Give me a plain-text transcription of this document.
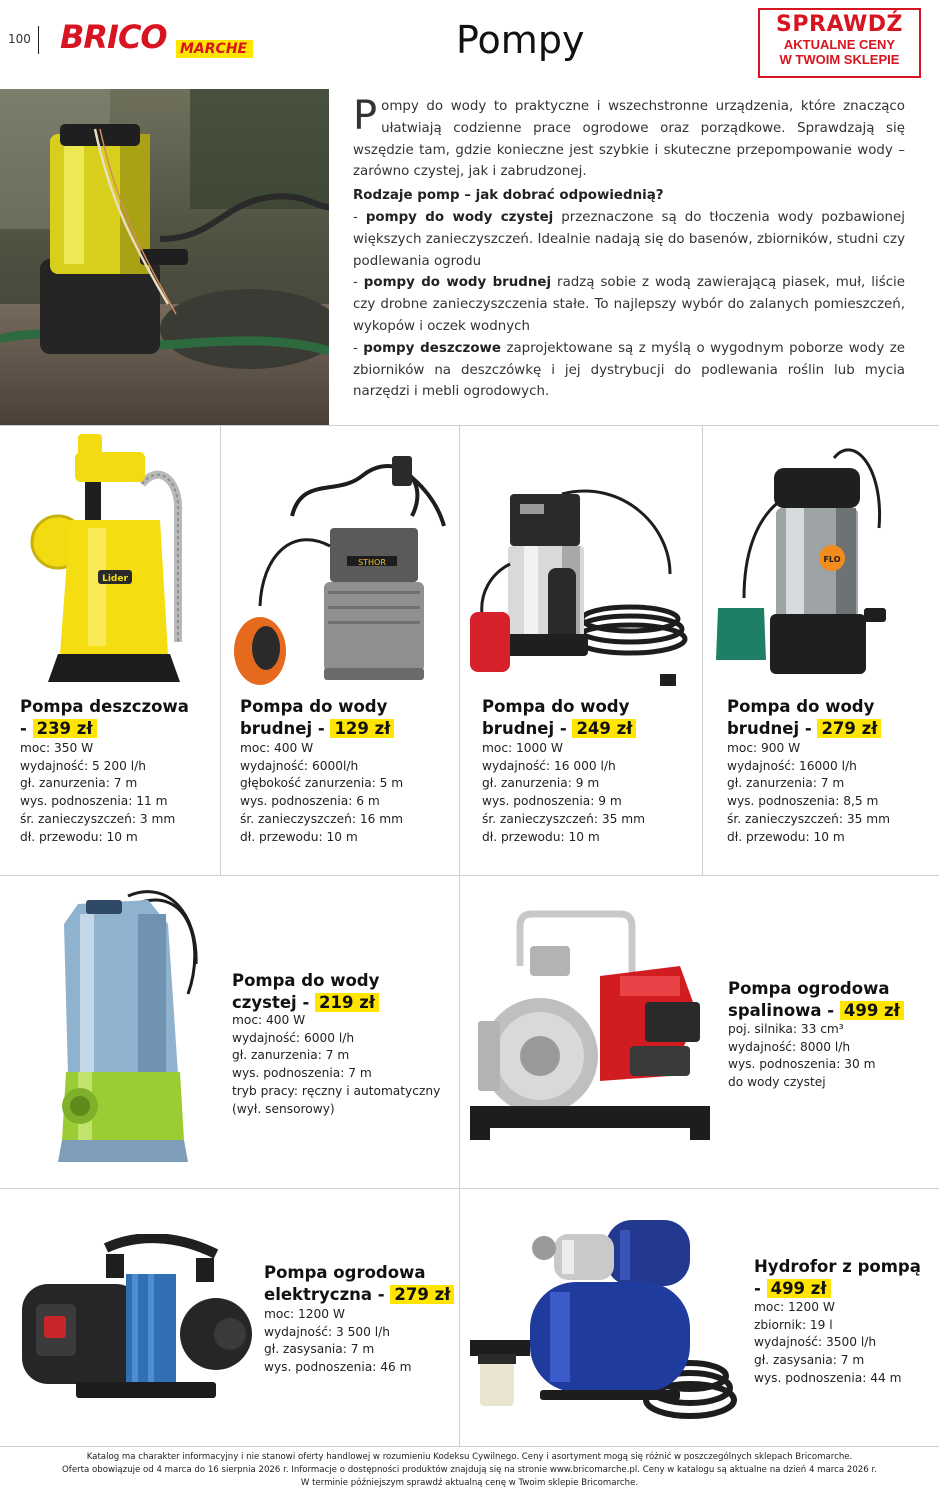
100 BRICO MARCHE	Pompy	SPRAWDŹ
AKTUALNE CENY
W TWOIM SKLEPIE

Pompy do wody to praktyczne i wszechstronne urządzenia, które znacząco ułatwiają codzienne prace ogrodowe oraz porządkowe. Sprawdzają się wszędzie tam, gdzie konieczne jest szybkie i skuteczne przepompowanie wody – zarówno czystej, jak i zabrudzonej.

Rodzaje pomp – jak dobrać odpowiednią?

- pompy do wody czystej przeznaczone są do tłoczenia wody pozbawionej większych zanieczyszczeń. Idealnie nadają się do basenów, zbiorników, studni czy podlewania ogrodu

- pompy do wody brudnej radzą sobie z wodą zawierającą piasek, muł, liście czy drobne zanieczyszczenia stałe. To najlepszy wybór do zalanych pomieszczeń, wykopów i oczek wodnych

- pompy deszczowe zaprojektowane są z myślą o wygodnym poborze wody ze zbiorników na deszczówkę i jej dystrybucji do podlewania roślin lub mycia narzędzi i mebli ogrodowych.

Lider
Pompa deszczowa
- 239 zł
moc: 350 W
wydajność: 5 200 l/h
gł. zanurzenia: 7 m
wys. podnoszenia: 11 m
śr. zanieczyszczeń: 3 mm
dł. przewodu: 10 m
STHOR
Pompa do wody
brudnej - 129 zł
moc: 400 W
wydajność: 6000l/h
głębokość zanurzenia: 5 m
wys. podnoszenia: 6 m
śr. zanieczyszczeń: 16 mm
dł. przewodu: 10 m
Pompa do wody
brudnej - 249 zł
moc: 1000 W
wydajność: 16 000 l/h
gł. zanurzenia: 9 m
wys. podnoszenia: 9 m
śr. zanieczyszczeń: 35 mm
dł. przewodu: 10 m
FLO
Pompa do wody
brudnej - 279 zł
moc: 900 W
wydajność: 16000 l/h
gł. zanurzenia: 7 m
wys. podnoszenia: 8,5 m
śr. zanieczyszczeń: 35 mm
dł. przewodu: 10 m
Pompa do wody
czystej - 219 zł
moc: 400 W
wydajność: 6000 l/h
gł. zanurzenia: 7 m
wys. podnoszenia: 7 m
tryb pracy: ręczny i automatyczny
(wył. sensorowy)
Pompa ogrodowa
spalinowa - 499 zł
poj. silnika: 33 cm³
wydajność: 8000 l/h
wys. podnoszenia: 30 m
do wody czystej
Pompa ogrodowa
elektryczna - 279 zł
moc: 1200 W
wydajność: 3 500 l/h
gł. zasysania: 7 m
wys. podnoszenia: 46 m
Hydrofor z pompą
- 499 zł
moc: 1200 W
zbiornik: 19 l
wydajność: 3500 l/h
gł. zasysania: 7 m
wys. podnoszenia: 44 m
Katalog ma charakter informacyjny i nie stanowi oferty handlowej w rozumieniu Kodeksu Cywilnego. Ceny i asortyment mogą się różnić w poszczególnych sklepach Bricomarche.
Oferta obowiązuje od 4 marca do 16 sierpnia 2026 r. Informacje o dostępności produktów znajdują się na stronie www.bricomarche.pl. Ceny w katalogu są aktualne na dzień 4 marca 2026 r.
W terminie późniejszym sprawdź aktualną cenę w Twoim sklepie Bricomarche.
